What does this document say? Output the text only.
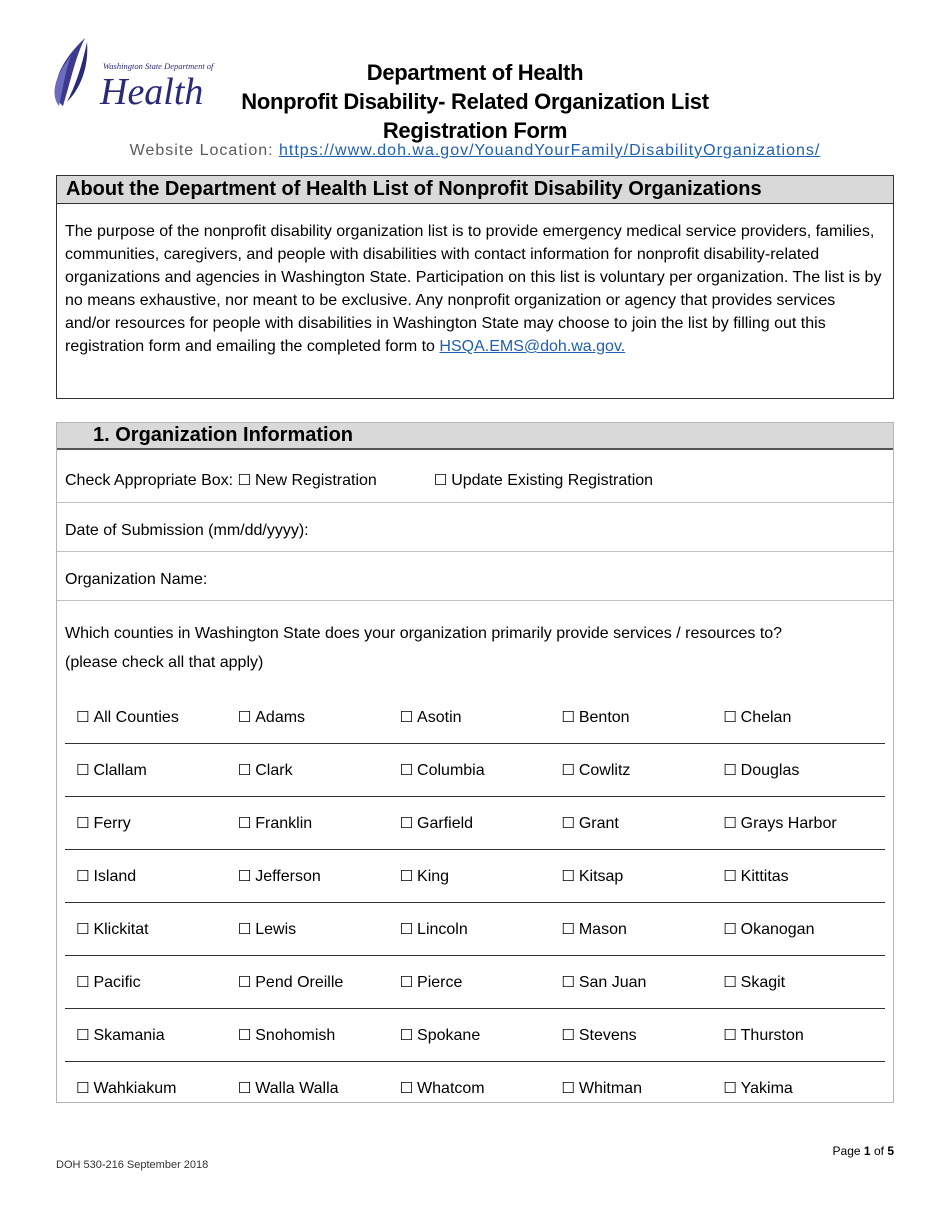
Washington State Department of
Health	Department of Health
Nonprofit Disability- Related Organization List
Registration Form
Website Location: https://www.doh.wa.gov/YouandYourFamily/DisabilityOrganizations/
About the Department of Health List of Nonprofit Disability Organizations
The purpose of the nonprofit disability organization list is to provide emergency medical service providers, families, communities, caregivers, and people with disabilities with contact information for nonprofit disability-related organizations and agencies in Washington State. Participation on this list is voluntary per organization. The list is by no means exhaustive, nor meant to be exclusive. Any nonprofit organization or agency that provides services and/or resources for people with disabilities in Washington State may choose to join the list by filling out this registration form and emailing the completed form to HSQA.EMS@doh.wa.gov.
1. Organization Information
Check Appropriate Box: ☐ New Registration	☐ Update Existing Registration
Date of Submission (mm/dd/yyyy):
Organization Name:
Which counties in Washington State does your organization primarily provide services / resources to?
(please check all that apply)
☐ All Counties	☐ Adams	☐ Asotin	☐ Benton	☐ Chelan
☐ Clallam	☐ Clark	☐ Columbia	☐ Cowlitz	☐ Douglas
☐ Ferry	☐ Franklin	☐ Garfield	☐ Grant	☐ Grays Harbor
☐ Island	☐ Jefferson	☐ King	☐ Kitsap	☐ Kittitas
☐ Klickitat	☐ Lewis	☐ Lincoln	☐ Mason	☐ Okanogan
☐ Pacific	☐ Pend Oreille	☐ Pierce	☐ San Juan	☐ Skagit
☐ Skamania	☐ Snohomish	☐ Spokane	☐ Stevens	☐ Thurston
☐ Wahkiakum	☐ Walla Walla	☐ Whatcom	☐ Whitman	☐ Yakima
DOH 530-216 September 2018
Page 1 of 5
